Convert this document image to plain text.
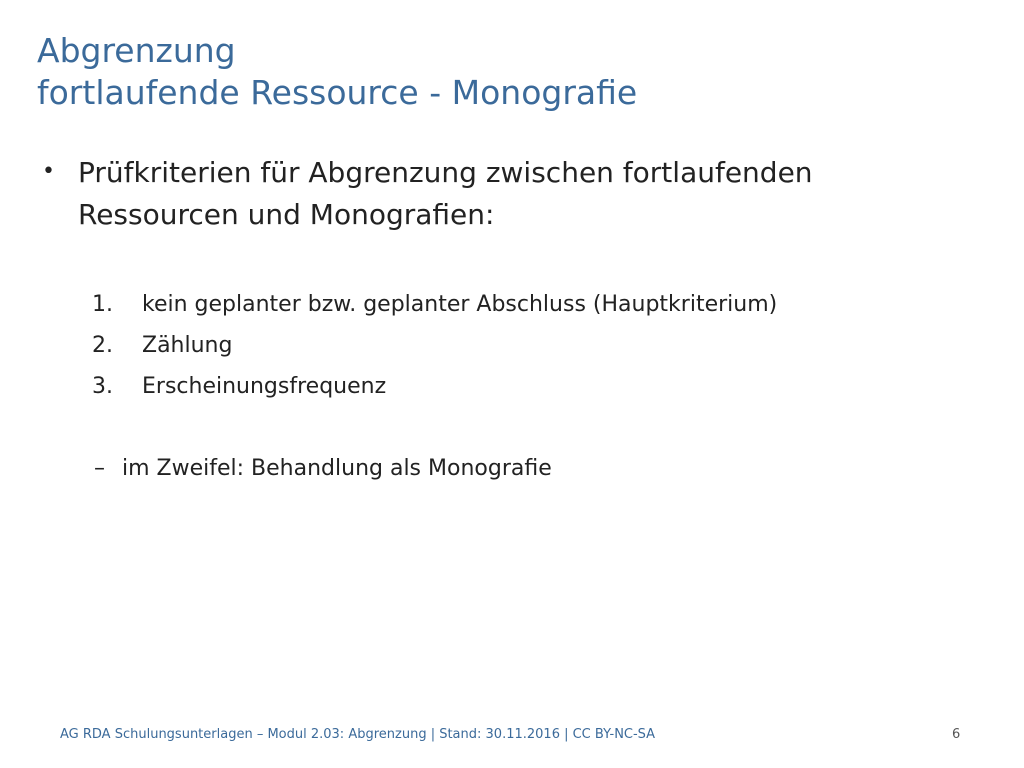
Abgrenzung
fortlaufende Ressource - Monografie
• Prüfkriterien für Abgrenzung zwischen fortlaufenden
Ressourcen und Monografien:
1. kein geplanter bzw. geplanter Abschluss (Hauptkriterium)
2. Zählung
3. Erscheinungsfrequenz
– im Zweifel: Behandlung als Monografie
AG RDA Schulungsunterlagen – Modul 2.03: Abgrenzung | Stand: 30.11.2016 | CC BY-NC-SA	6
